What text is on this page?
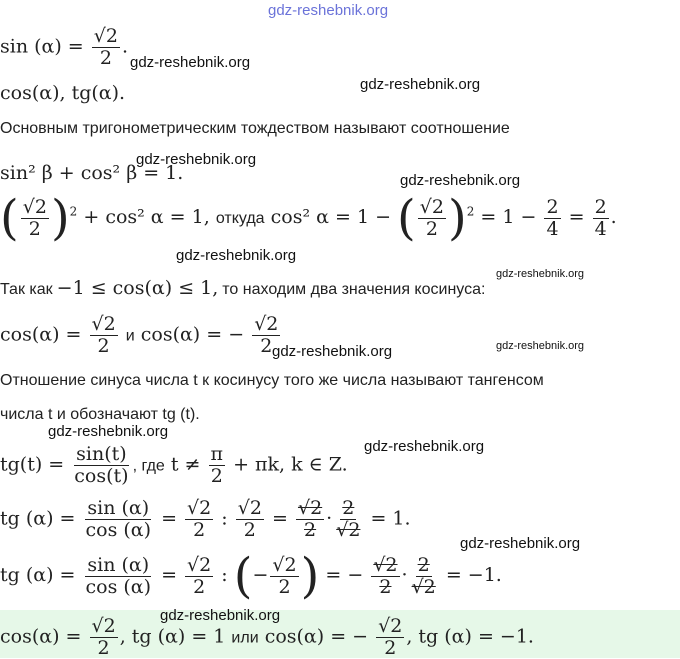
gdz-reshebnik.org
$\sin (\alpha) = \frac{√2}{2}$ .
gdz-reshebnik.org
cos(α), tg(α).	gdz-reshebnik.org
Основным тригонометрическим тождеством называют соотношение
sin² β + cos² β = 1.
gdz-reshebnik.org
gdz-reshebnik.org
( $\frac{√2}{2} )^2 + \cos^2$ α = 1, откуда cos² α = 1 − ( $\frac{√2}{2} )^2 = 1 - \frac{2}{4} = \frac{2}{4}$ .
gdz-reshebnik.org
gdz-reshebnik.org
Так как −1 ≤ cos(α) ≤ 1, то находим два значения косинуса:
$\cos(\alpha) = \frac{√2}{2}$ и cos(α) = − $\frac{√2}{2}$
gdz-reshebnik.org	gdz-reshebnik.org
Отношение синуса числа t к косинусу того же числа называют тангенсом
числа t и обозначают tg (t).
gdz-reshebnik.org
gdz-reshebnik.org
$tg(t) = \frac{\sin(t)}{\cos(t)}$ , где $t \ne \frac{\pi}{2} + \pi k$, k ∈ Z.
tg $(\alpha) = \frac{\sin (\alpha)}{\cos (\alpha)} = \frac{√2}{2}$ : $\frac{√2}{2} = \frac{√2}{2} \cdot \frac{2}{√2} = 1$.
gdz-reshebnik.org
tg $(\alpha) = \frac{\sin (\alpha)}{\cos (\alpha)} = \frac{√2}{2}$ : (− $\frac{√2}{2}$ ) = − $\frac{√2}{2} \cdot \frac{2}{√2} = -1$.
gdz-reshebnik.org
$\cos(\alpha) = \frac{√2}{2}$ , tg (α) = 1 или cos(α) = − $\frac{√2}{2}$ , tg (α) = −1.
